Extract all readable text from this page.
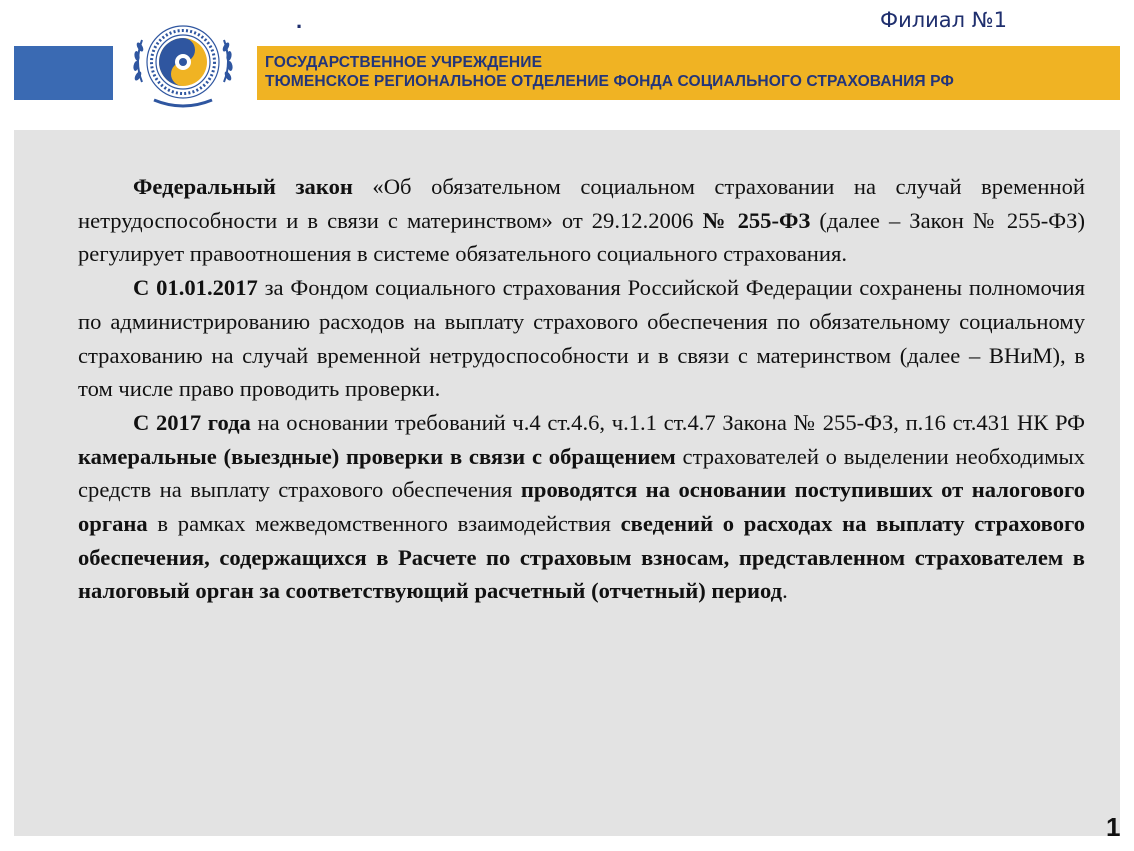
.	Филиал №1
ГОСУДАРСТВЕННОЕ УЧРЕЖДЕНИЕ
ТЮМЕНСКОЕ РЕГИОНАЛЬНОЕ ОТДЕЛЕНИЕ ФОНДА СОЦИАЛЬНОГО СТРАХОВАНИЯ РФ

Федеральный закон «Об обязательном социальном страховании на случай временной нетрудоспособности и в связи с материнством» от 29.12.2006 № 255-ФЗ (далее – Закон № 255-ФЗ) регулирует правоотношения в системе обязательного социального страхования.

С 01.01.2017 за Фондом социального страхования Российской Федерации сохранены полномочия по администрированию расходов на выплату страхового обеспечения по обязательному социальному страхованию на случай временной нетрудоспособности и в связи с материнством (далее – ВНиМ), в том числе право проводить проверки.

С 2017 года на основании требований ч.4 ст.4.6, ч.1.1 ст.4.7 Закона № 255-ФЗ, п.16 ст.431 НК РФ камеральные (выездные) проверки в связи с обращением страхователей о выделении необходимых средств на выплату страхового обеспечения проводятся на основании поступивших от налогового органа в рамках межведомственного взаимодействия сведений о расходах на выплату страхового обеспечения, содержащихся в Расчете по страховым взносам, представленном страхователем в налоговый орган за соответствующий расчетный (отчетный) период.

1
